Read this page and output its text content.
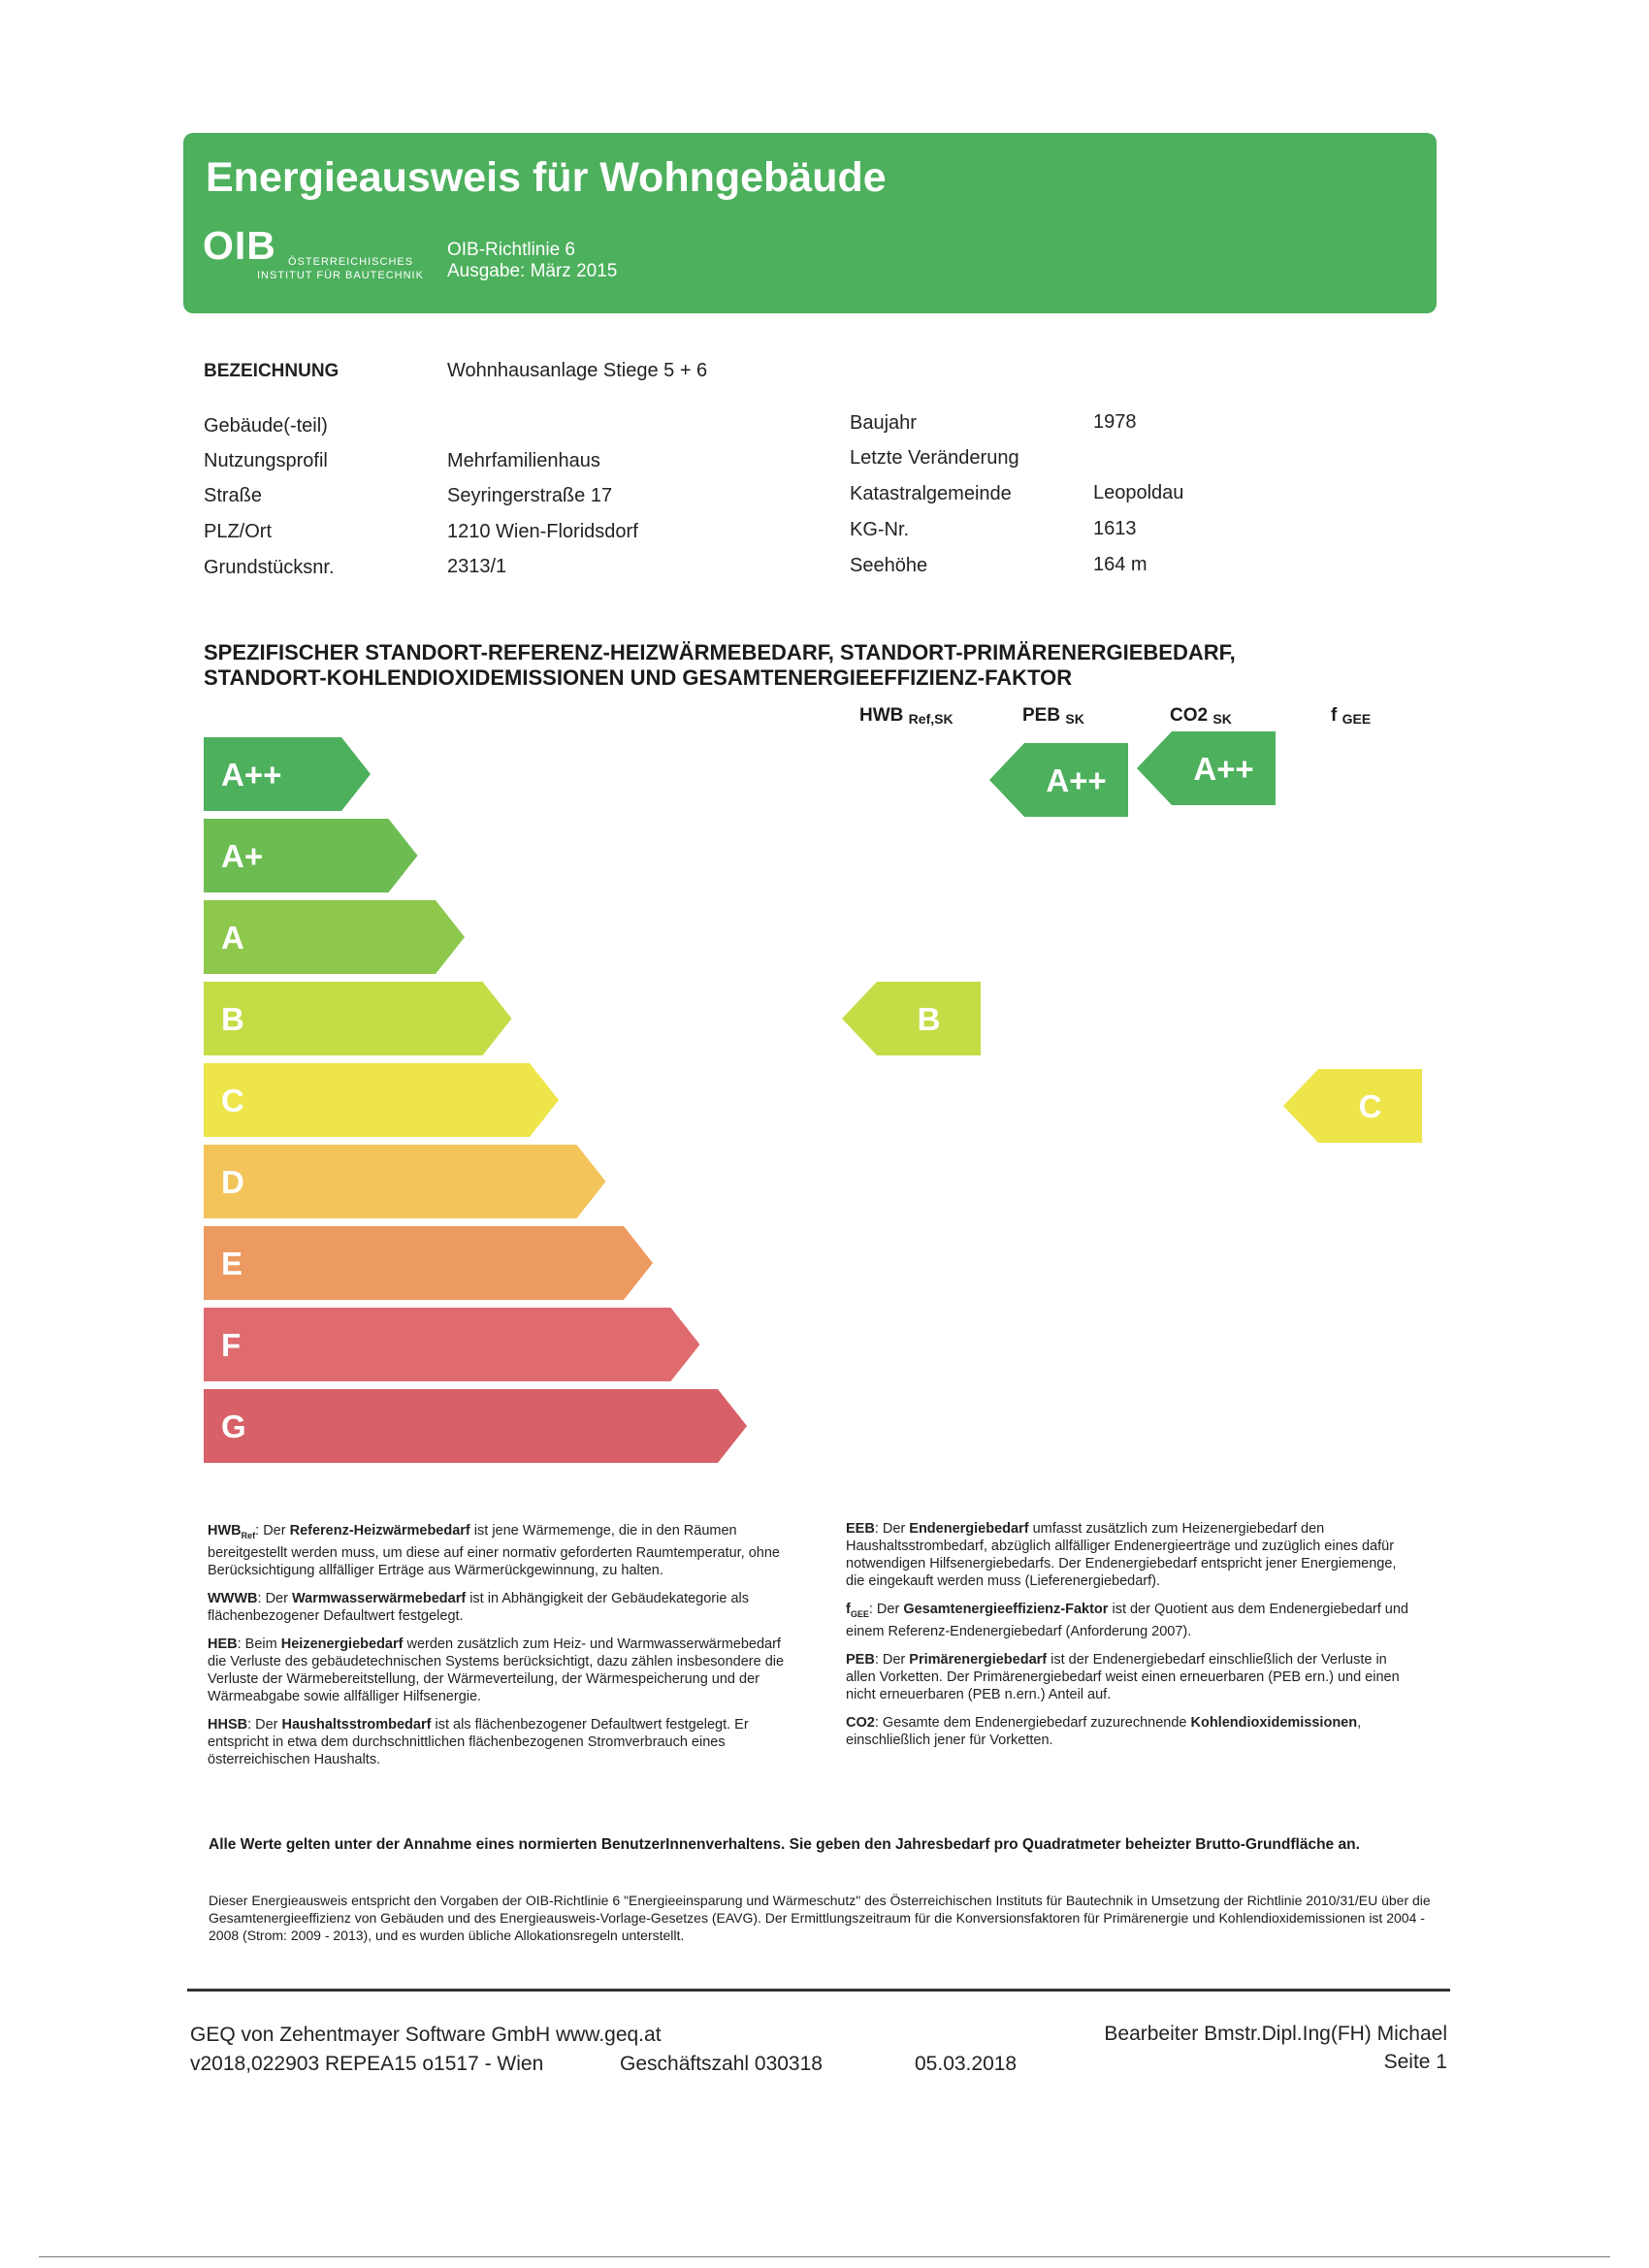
Energieausweis für Wohngebäude
OIB ÖSTERREICHISCHES
INSTITUT FÜR BAUTECHNIK
OIB-Richtlinie 6
Ausgabe: März 2015
BEZEICHNUNG	Wohnhausanlage Stiege 5 + 6
Gebäude(-teil)
Nutzungsprofil	Mehrfamilienhaus
Straße	Seyringerstraße 17
PLZ/Ort	1210 Wien-Floridsdorf
Grundstücksnr.	2313/1
Baujahr	1978
Letzte Veränderung
Katastralgemeinde	Leopoldau
KG-Nr.	1613
Seehöhe	164 m
SPEZIFISCHER STANDORT-REFERENZ-HEIZWÄRMEBEDARF, STANDORT-PRIMÄRENERGIEBEDARF,
STANDORT-KOHLENDIOXIDEMISSIONEN UND GESAMTENERGIEEFFIZIENZ-FAKTOR
HWB $_{Ref,SK}$	PEB $_{SK}$	CO2 $_{SK}$	f $_{GEE}$
A++
A+
A
B
C
D
E
F
G
B
A++	A++
C

$HWB_{Ref}$: Der Referenz-Heizwärmebedarf ist jene Wärmemenge, die in den Räumen bereitgestellt werden muss, um diese auf einer normativ geforderten Raumtemperatur, ohne Berücksichtigung allfälliger Erträge aus Wärmerückgewinnung, zu halten.

WWWB: Der Warmwasserwärmebedarf ist in Abhängigkeit der Gebäudekategorie als flächenbezogener Defaultwert festgelegt.

HEB: Beim Heizenergiebedarf werden zusätzlich zum Heiz- und Warmwasserwärmebedarf die Verluste des gebäudetechnischen Systems berücksichtigt, dazu zählen insbesondere die Verluste der Wärmebereitstellung, der Wärmeverteilung, der Wärmespeicherung und der Wärmeabgabe sowie allfälliger Hilfsenergie.

HHSB: Der Haushaltsstrombedarf ist als flächenbezogener Defaultwert festgelegt. Er entspricht in etwa dem durchschnittlichen flächenbezogenen Stromverbrauch eines österreichischen Haushalts.

EEB: Der Endenergiebedarf umfasst zusätzlich zum Heizenergiebedarf den Haushaltsstrombedarf, abzüglich allfälliger Endenergieerträge und zuzüglich eines dafür notwendigen Hilfsenergiebedarfs. Der Endenergiebedarf entspricht jener Energiemenge, die eingekauft werden muss (Lieferenergiebedarf).

$f_{GEE}$: Der Gesamtenergieeffizienz-Faktor ist der Quotient aus dem Endenergiebedarf und einem Referenz-Endenergiebedarf (Anforderung 2007).

PEB: Der Primärenergiebedarf ist der Endenergiebedarf einschließlich der Verluste in allen Vorketten. Der Primärenergiebedarf weist einen erneuerbaren (PEB ern.) und einen nicht erneuerbaren (PEB n.ern.) Anteil auf.

CO2: Gesamte dem Endenergiebedarf zuzurechnende Kohlendioxidemissionen, einschließlich jener für Vorketten.

Alle Werte gelten unter der Annahme eines normierten BenutzerInnenverhaltens. Sie geben den Jahresbedarf pro Quadratmeter beheizter Brutto-Grundfläche an.
Dieser Energieausweis entspricht den Vorgaben der OIB-Richtlinie 6 "Energieeinsparung und Wärmeschutz" des Österreichischen Instituts für Bautechnik in Umsetzung der Richtlinie 2010/31/EU über die Gesamtenergieeffizienz von Gebäuden und des Energieausweis-Vorlage-Gesetzes (EAVG). Der Ermittlungszeitraum für die Konversionsfaktoren für Primärenergie und Kohlendioxidemissionen ist 2004 - 2008 (Strom: 2009 - 2013), und es wurden übliche Allokationsregeln unterstellt.
GEQ von Zehentmayer Software GmbH www.geq.at
v2018,022903 REPEA15 o1517 - Wien	Geschäftszahl 030318	05.03.2018
Bearbeiter Bmstr.Dipl.Ing(FH) Michael
Seite 1
